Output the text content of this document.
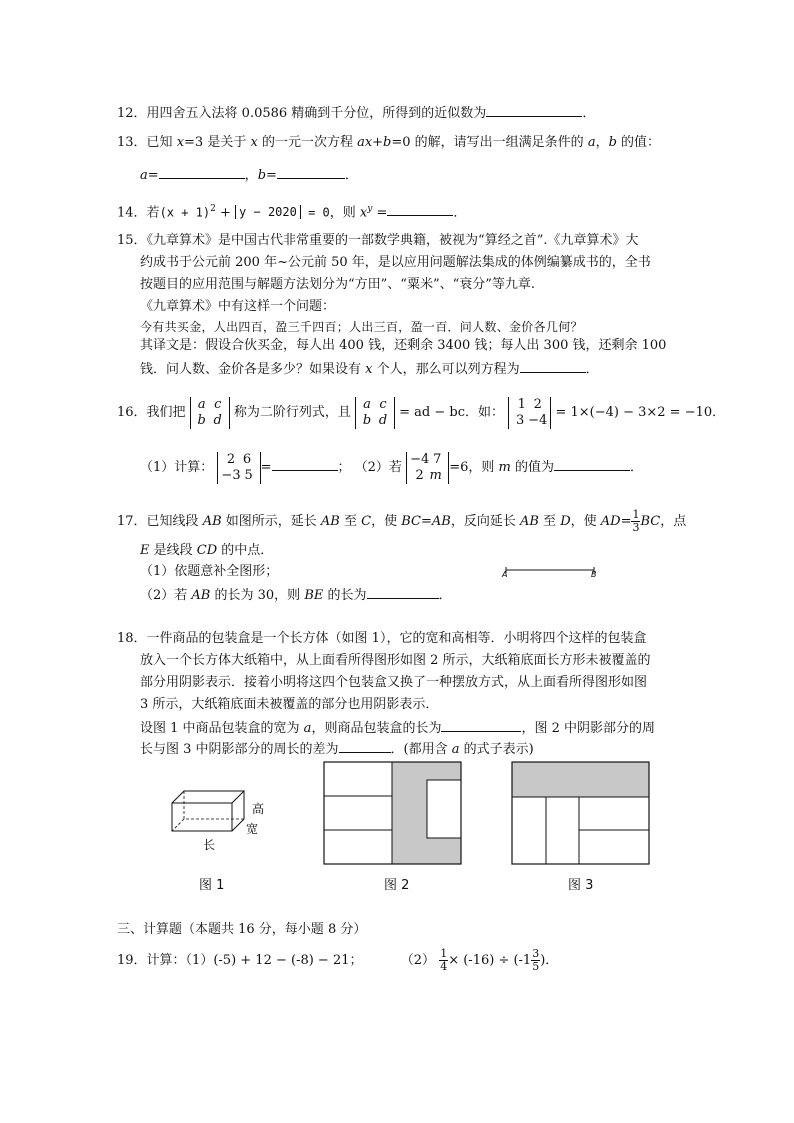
12．用四舍五入法将 0.0586 精确到千分位，所得到的近似数为	．
13．已知 x=3 是关于 x 的一元一次方程 ax+b=0 的解，请写出一组满足条件的 a，b 的值：
a=	，b=	．
14．若$(x + 1)^2 + y - 2020 = 0$，则 $x^y$ =	．
15．《九章算术》是中国古代非常重要的一部数学典籍，被视为“算经之首”.《九章算术》大
约成书于公元前 200 年~公元前 50 年，是以应用问题解法集成的体例编纂成书的，全书
按题目的应用范围与解题方法划分为“方田”、“粟米”、“衰分”等九章.
《九章算术》中有这样一个问题：
今有共买金，人出四百，盈三千四百；人出三百，盈一百．问人数、金价各几何？
其译文是：假设合伙买金，每人出 400 钱，还剩余 3400 钱；每人出 300 钱，还剩余 100
钱．问人数、金价各是多少？如果设有 x 个人，那么可以列方程为	．
16．我们把 a c
b d 称为二阶行列式，且 a c
b d = ad − bc．如： 1 2
3 −4 = 1×(−4) − 3×2 = −10．
（1）计算： 2 6
−3 5 =	； （2）若 −4 7
2 m =6，则 m 的值为	．
17．已知线段 AB 如图所示，延长 AB 至 C，使 BC=AB，反向延长 AB 至 D，使 $AD= \frac{1}{3}$ BC，点
E 是线段 CD 的中点．
（1）依题意补全图形；
（2）若 AB 的长为 30，则 BE 的长为	．
A	B
18．一件商品的包装盒是一个长方体（如图 1），它的宽和高相等．小明将四个这样的包装盒
放入一个长方体大纸箱中，从上面看所得图形如图 2 所示，大纸箱底面长方形未被覆盖的
部分用阴影表示．接着小明将这四个包装盒又换了一种摆放方式，从上面看所得图形如图
3 所示，大纸箱底面未被覆盖的部分也用阴影表示．
设图 1 中商品包装盒的宽为 a，则商品包装盒的长为	，图 2 中阴影部分的周
长与图 3 中阴影部分的周长的差为	．(都用含 a 的式子表示)
高
宽
长
图 1	图 2	图 3
三、计算题（本题共 16 分，每小题 8 分）
19．计算：（1）(-5) + 12 − (-8) − 21；	$(2) \frac{1}{4} \times (-16) \div (-1 \frac{3}{5}$ )．
